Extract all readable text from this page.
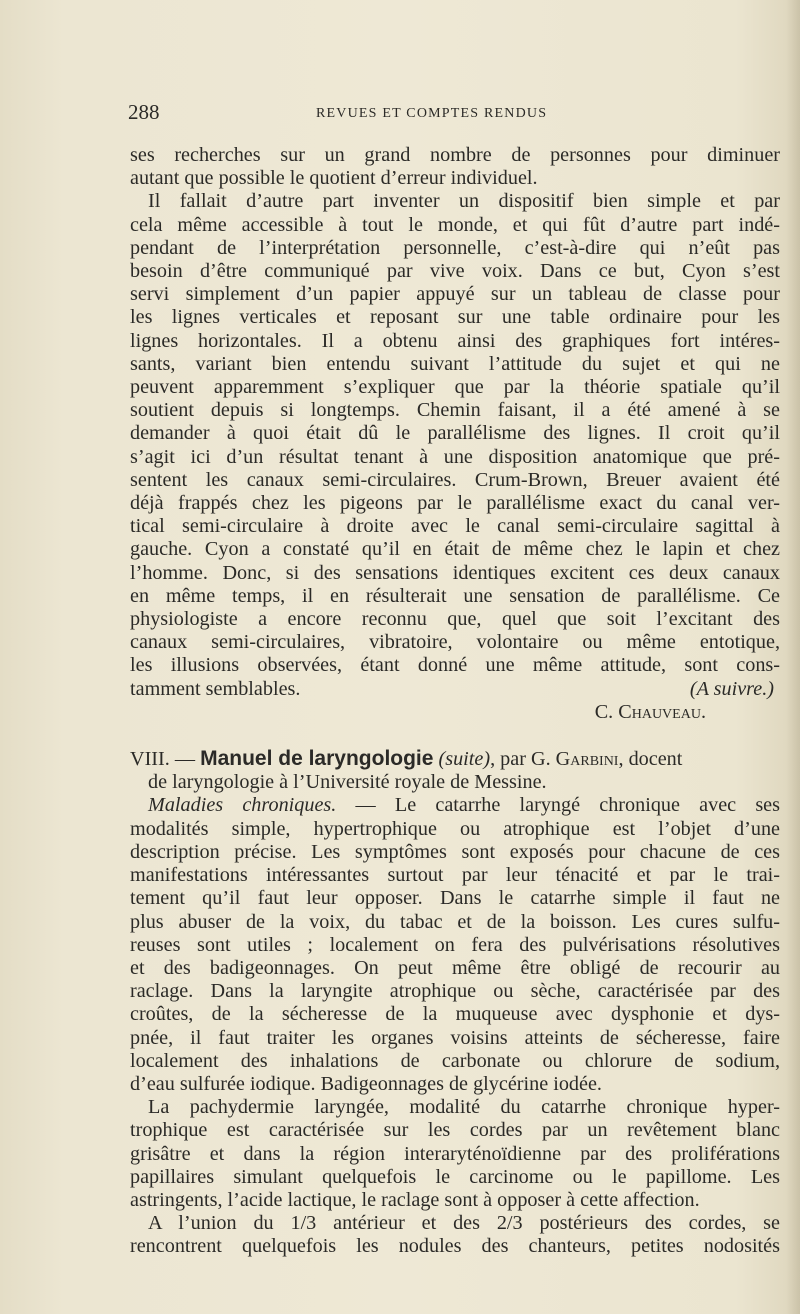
288	REVUES ET COMPTES RENDUS
ses recherches sur un grand nombre de personnes pour diminuer
autant que possible le quotient d’erreur individuel.
Il fallait d’autre part inventer un dispositif bien simple et par
cela même accessible à tout le monde, et qui fût d’autre part indé-
pendant de l’interprétation personnelle, c’est-à-dire qui n’eût pas
besoin d’être communiqué par vive voix. Dans ce but, Cyon s’est
servi simplement d’un papier appuyé sur un tableau de classe pour
les lignes verticales et reposant sur une table ordinaire pour les
lignes horizontales. Il a obtenu ainsi des graphiques fort intéres-
sants, variant bien entendu suivant l’attitude du sujet et qui ne
peuvent apparemment s’expliquer que par la théorie spatiale qu’il
soutient depuis si longtemps. Chemin faisant, il a été amené à se
demander à quoi était dû le parallélisme des lignes. Il croit qu’il
s’agit ici d’un résultat tenant à une disposition anatomique que pré-
sentent les canaux semi-circulaires. Crum-Brown, Breuer avaient été
déjà frappés chez les pigeons par le parallélisme exact du canal ver-
tical semi-circulaire à droite avec le canal semi-circulaire sagittal à
gauche. Cyon a constaté qu’il en était de même chez le lapin et chez
l’homme. Donc, si des sensations identiques excitent ces deux canaux
en même temps, il en résulterait une sensation de parallélisme. Ce
physiologiste a encore reconnu que, quel que soit l’excitant des
canaux semi-circulaires, vibratoire, volontaire ou même entotique,
les illusions observées, étant donné une même attitude, sont cons-
tamment semblables.	(A suivre.)
C. Chauveau.
VIII. — Manuel de laryngologie (suite), par G. Garbini, docent
de laryngologie à l’Université royale de Messine.
Maladies chroniques. — Le catarrhe laryngé chronique avec ses
modalités simple, hypertrophique ou atrophique est l’objet d’une
description précise. Les symptômes sont exposés pour chacune de ces
manifestations intéressantes surtout par leur ténacité et par le trai-
tement qu’il faut leur opposer. Dans le catarrhe simple il faut ne
plus abuser de la voix, du tabac et de la boisson. Les cures sulfu-
reuses sont utiles ; localement on fera des pulvérisations résolutives
et des badigeonnages. On peut même être obligé de recourir au
raclage. Dans la laryngite atrophique ou sèche, caractérisée par des
croûtes, de la sécheresse de la muqueuse avec dysphonie et dys-
pnée, il faut traiter les organes voisins atteints de sécheresse, faire
localement des inhalations de carbonate ou chlorure de sodium,
d’eau sulfurée iodique. Badigeonnages de glycérine iodée.
La pachydermie laryngée, modalité du catarrhe chronique hyper-
trophique est caractérisée sur les cordes par un revêtement blanc
grisâtre et dans la région interaryténoïdienne par des proliférations
papillaires simulant quelquefois le carcinome ou le papillome. Les
astringents, l’acide lactique, le raclage sont à opposer à cette affection.
A l’union du 1/3 antérieur et des 2/3 postérieurs des cordes, se
rencontrent quelquefois les nodules des chanteurs, petites nodosités
